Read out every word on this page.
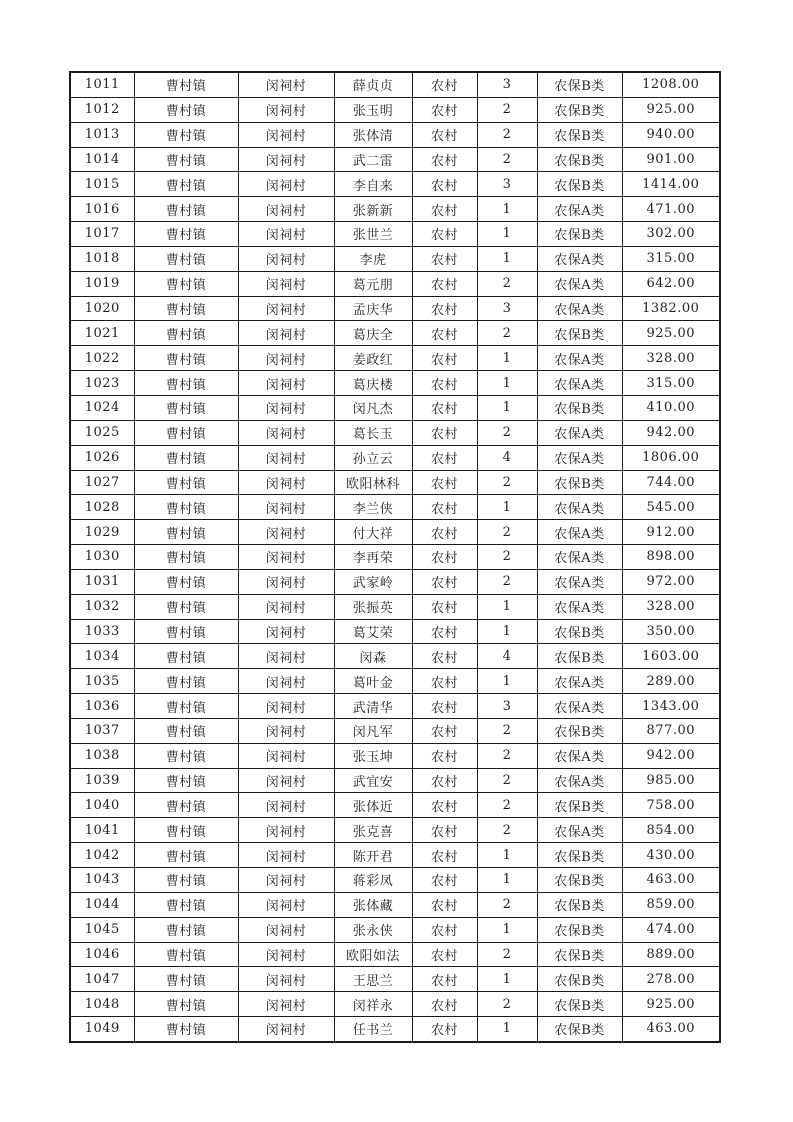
1011	曹村镇	闵祠村	薛贞贞	农村	3	农保B类	1208.00
1012	曹村镇	闵祠村	张玉明	农村	2	农保B类	925.00
1013	曹村镇	闵祠村	张体清	农村	2	农保B类	940.00
1014	曹村镇	闵祠村	武二雷	农村	2	农保B类	901.00
1015	曹村镇	闵祠村	李自来	农村	3	农保B类	1414.00
1016	曹村镇	闵祠村	张新新	农村	1	农保A类	471.00
1017	曹村镇	闵祠村	张世兰	农村	1	农保B类	302.00
1018	曹村镇	闵祠村	李虎	农村	1	农保A类	315.00
1019	曹村镇	闵祠村	葛元朋	农村	2	农保A类	642.00
1020	曹村镇	闵祠村	孟庆华	农村	3	农保A类	1382.00
1021	曹村镇	闵祠村	葛庆全	农村	2	农保B类	925.00
1022	曹村镇	闵祠村	姜政红	农村	1	农保A类	328.00
1023	曹村镇	闵祠村	葛庆楼	农村	1	农保A类	315.00
1024	曹村镇	闵祠村	闵凡杰	农村	1	农保B类	410.00
1025	曹村镇	闵祠村	葛长玉	农村	2	农保A类	942.00
1026	曹村镇	闵祠村	孙立云	农村	4	农保A类	1806.00
1027	曹村镇	闵祠村	欧阳林科	农村	2	农保B类	744.00
1028	曹村镇	闵祠村	李兰侠	农村	1	农保A类	545.00
1029	曹村镇	闵祠村	付大祥	农村	2	农保A类	912.00
1030	曹村镇	闵祠村	李再荣	农村	2	农保A类	898.00
1031	曹村镇	闵祠村	武家岭	农村	2	农保A类	972.00
1032	曹村镇	闵祠村	张振英	农村	1	农保A类	328.00
1033	曹村镇	闵祠村	葛艾荣	农村	1	农保B类	350.00
1034	曹村镇	闵祠村	闵森	农村	4	农保B类	1603.00
1035	曹村镇	闵祠村	葛叶金	农村	1	农保A类	289.00
1036	曹村镇	闵祠村	武清华	农村	3	农保A类	1343.00
1037	曹村镇	闵祠村	闵凡军	农村	2	农保B类	877.00
1038	曹村镇	闵祠村	张玉坤	农村	2	农保A类	942.00
1039	曹村镇	闵祠村	武宜安	农村	2	农保A类	985.00
1040	曹村镇	闵祠村	张体近	农村	2	农保B类	758.00
1041	曹村镇	闵祠村	张克喜	农村	2	农保A类	854.00
1042	曹村镇	闵祠村	陈开君	农村	1	农保B类	430.00
1043	曹村镇	闵祠村	蒋彩凤	农村	1	农保B类	463.00
1044	曹村镇	闵祠村	张体藏	农村	2	农保B类	859.00
1045	曹村镇	闵祠村	张永侠	农村	1	农保B类	474.00
1046	曹村镇	闵祠村	欧阳如法	农村	2	农保B类	889.00
1047	曹村镇	闵祠村	王思兰	农村	1	农保B类	278.00
1048	曹村镇	闵祠村	闵祥永	农村	2	农保B类	925.00
1049	曹村镇	闵祠村	任书兰	农村	1	农保B类	463.00
